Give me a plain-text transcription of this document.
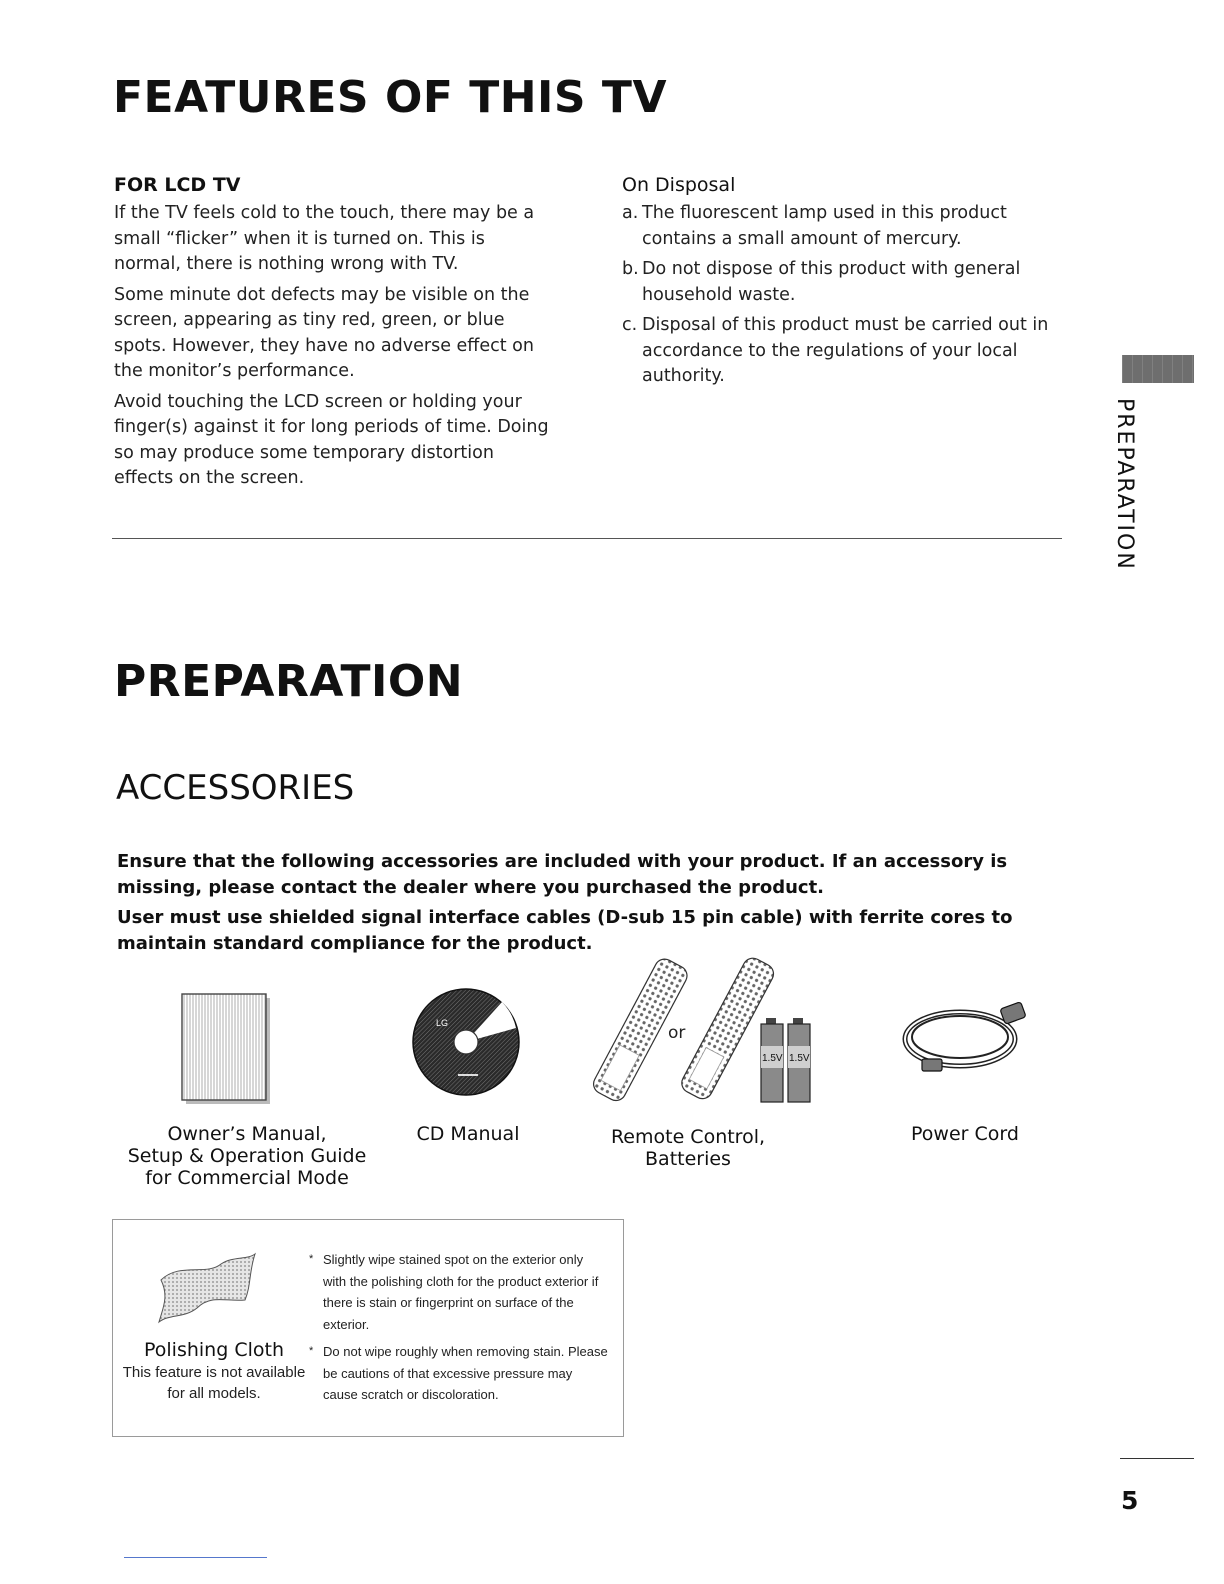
FEATURES OF THIS TV
FOR LCD TV

If the TV feels cold to the touch, there may be a small “flicker” when it is turned on. This is normal, there is nothing wrong with TV.

Some minute dot defects may be visible on the screen, appearing as tiny red, green, or blue spots. However, they have no adverse effect on the monitor’s performance.

Avoid touching the LCD screen or holding your finger(s) against it for long periods of time. Doing so may produce some temporary distortion effects on the screen.

On Disposal
a. The fluorescent lamp used in this product contains a small amount of mercury.
b. Do not dispose of this product with general household waste.
c. Disposal of this product must be carried out in accordance to the regulations of your local authority.
PREPARATION
PREPARATION
ACCESSORIES

Ensure that the following accessories are included with your product. If an accessory is missing, please contact the dealer where you purchased the product.

User must use shielded signal interface cables (D-sub 15 pin cable) with ferrite cores to maintain standard compliance for the product.

LG	or
1.5V 1.5V
Owner’s Manual,
Setup & Operation Guide
for Commercial Mode
CD Manual	Remote Control,
Batteries
Power Cord
Polishing Cloth
This feature is not available
for all models.
* Slightly wipe stained spot on the exterior only with the polishing cloth for the product exterior if there is stain or fingerprint on surface of the exterior.
* Do not wipe roughly when removing stain. Please be cautions of that excessive pressure may cause scratch or discoloration.
5
